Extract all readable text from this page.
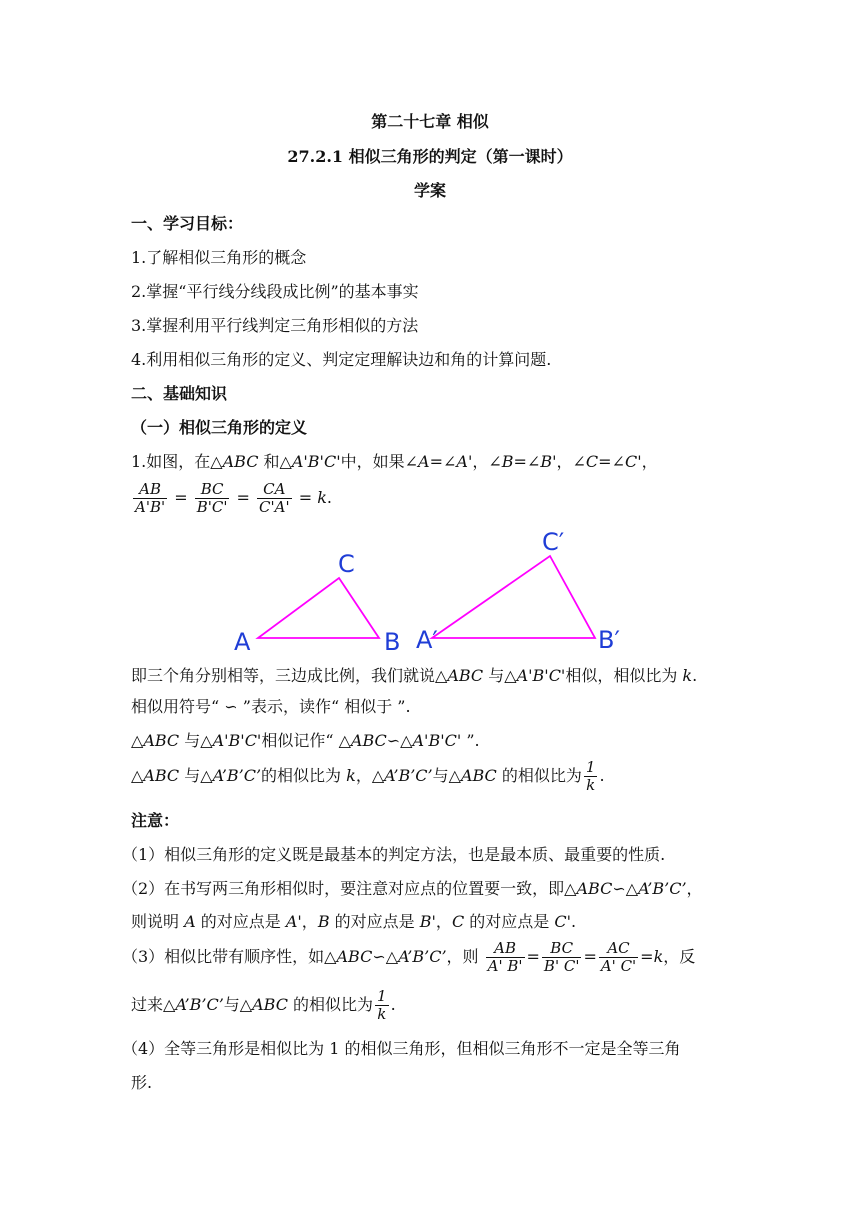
第二十七章 相似
27.2.1 相似三角形的判定（第一课时）
学案
一、学习目标：
1.了解相似三角形的概念
2.掌握“平行线分线段成比例”的基本事实
3.掌握利用平行线判定三角形相似的方法
4.利用相似三角形的定义、判定定理解诀边和角的计算问题.
二、基础知识
（一）相似三角形的定义
1.如图，在△ABC 和△A'B'C'中，如果∠A=∠A'，∠B=∠B'，∠C=∠C'，
$\frac{AB}{A'B'} = \frac{BC}{B'C'} = \frac{CA}{C'A'} = k$.
A
C
B A′
C′
B′
即三个角分别相等，三边成比例，我们就说△ABC 与△A'B'C'相似，相似比为 k.
相似用符号“ ∽ ”表示，读作“ 相似于 ”.
△ABC 与△A'B'C'相似记作“ △ABC∽△A'B'C' ”.
△ABC 与△A’B’C’的相似比为 k，△A’B’C’与△ABC 的相似比为 $\frac{1}{k}$ .
注意：
（1）相似三角形的定义既是最基本的判定方法，也是最本质、最重要的性质.
（2）在书写两三角形相似时，要注意对应点的位置要一致，即△ABC∽△A’B’C’，
则说明 A 的对应点是 A'，B 的对应点是 B'，C 的对应点是 C'.
（3）相似比带有顺序性，如△ABC∽△A’B’C’，则 $\frac{AB}{A' B'} = \frac{BC}{B' C'} = \frac{AC}{A' C'} =k$，反
过来△A’B’C’与△ABC 的相似比为 $\frac{1}{k}$ .
（4）全等三角形是相似比为 1 的相似三角形，但相似三角形不一定是全等三角
形.
